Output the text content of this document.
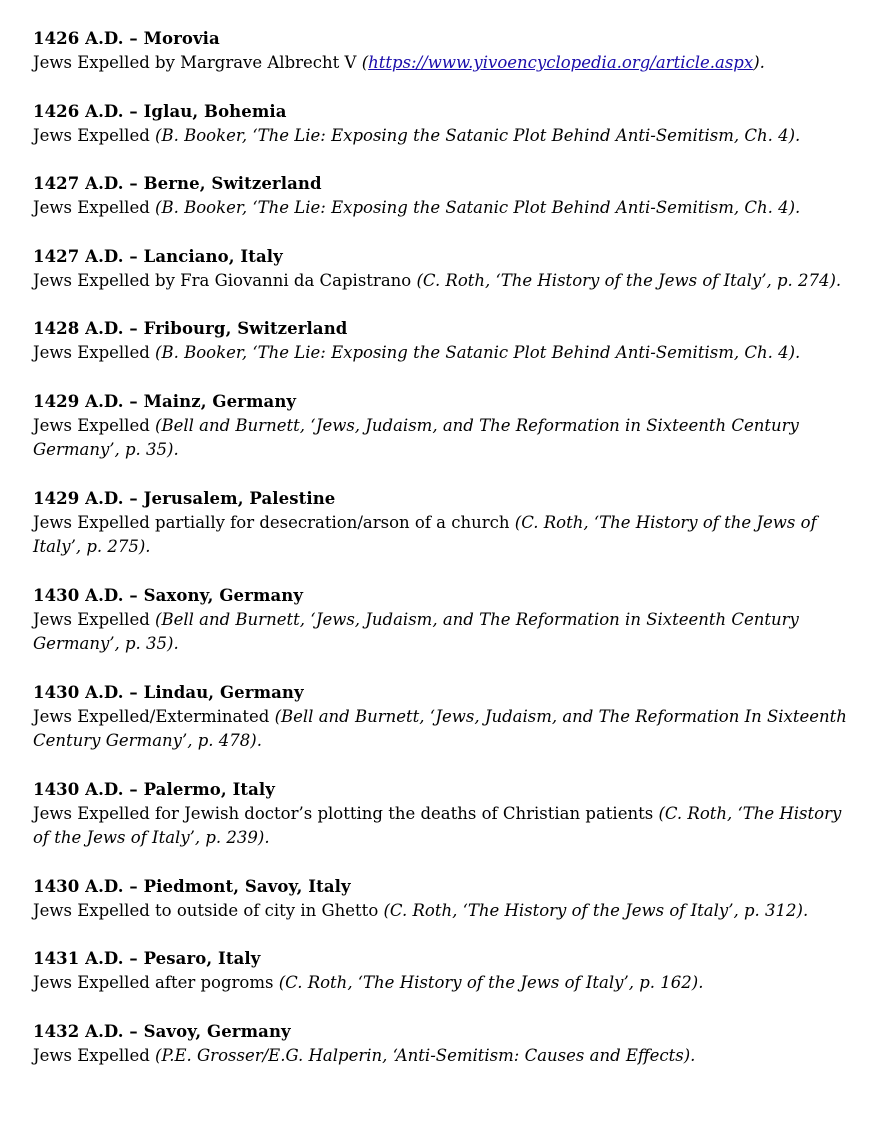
1426 A.D. – Morovia
Jews Expelled by Margrave Albrecht V (https://www.yivoencyclopedia.org/article.aspx).
1426 A.D. – Iglau, Bohemia
Jews Expelled (B. Booker, ‘The Lie: Exposing the Satanic Plot Behind Anti-Semitism, Ch. 4).
1427 A.D. – Berne, Switzerland
Jews Expelled (B. Booker, ‘The Lie: Exposing the Satanic Plot Behind Anti-Semitism, Ch. 4).
1427 A.D. – Lanciano, Italy
Jews Expelled by Fra Giovanni da Capistrano (C. Roth, ‘The History of the Jews of Italy’, p. 274).
1428 A.D. – Fribourg, Switzerland
Jews Expelled (B. Booker, ‘The Lie: Exposing the Satanic Plot Behind Anti-Semitism, Ch. 4).
1429 A.D. – Mainz, Germany
Jews Expelled (Bell and Burnett, ‘Jews, Judaism, and The Reformation in Sixteenth Century Germany’, p. 35).
1429 A.D. – Jerusalem, Palestine
Jews Expelled partially for desecration/arson of a church (C. Roth, ‘The History of the Jews of Italy’, p. 275).
1430 A.D. – Saxony, Germany
Jews Expelled (Bell and Burnett, ‘Jews, Judaism, and The Reformation in Sixteenth Century Germany’, p. 35).
1430 A.D. – Lindau, Germany
Jews Expelled/Exterminated (Bell and Burnett, ‘Jews, Judaism, and The Reformation In Sixteenth Century Germany’, p. 478).
1430 A.D. – Palermo, Italy
Jews Expelled for Jewish doctor’s plotting the deaths of Christian patients (C. Roth, ‘The History of the Jews of Italy’, p. 239).
1430 A.D. – Piedmont, Savoy, Italy
Jews Expelled to outside of city in Ghetto (C. Roth, ‘The History of the Jews of Italy’, p. 312).
1431 A.D. – Pesaro, Italy
Jews Expelled after pogroms (C. Roth, ‘The History of the Jews of Italy’, p. 162).
1432 A.D. – Savoy, Germany
Jews Expelled (P.E. Grosser/E.G. Halperin, ‘Anti-Semitism: Causes and Effects).
